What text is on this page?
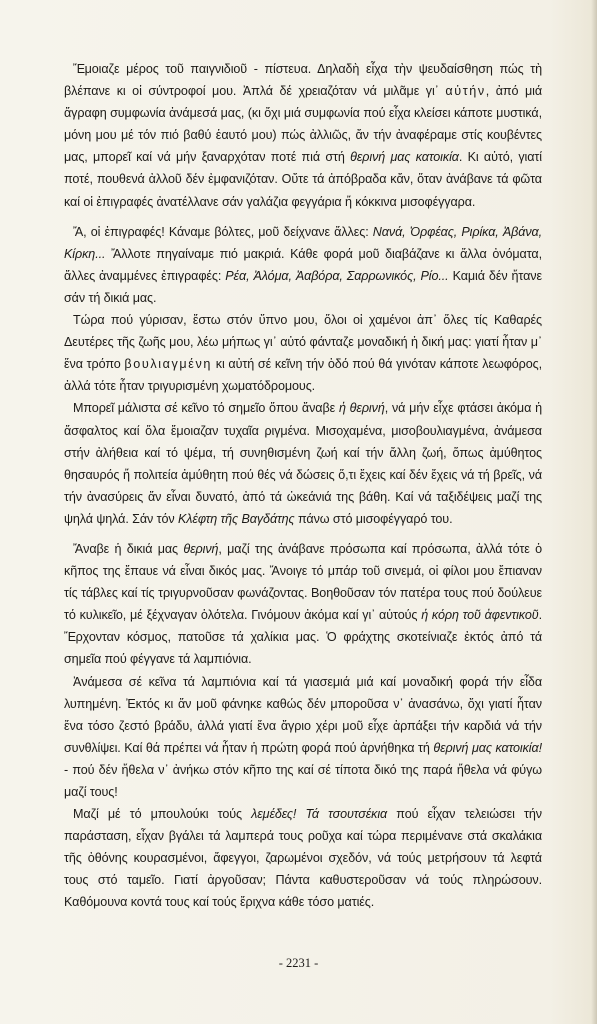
Ἔμοιαζε μέρος τοῦ παιγνιδιοῦ - πίστευα. Δηλαδὴ εἶχα τὴν ψευδαίσθηση πώς τὴ βλέπανε κι οἱ σύντροφοί μου. Ἀπλά δέ χρειαζόταν νά μιλᾶμε γι᾽ αὐτήν, ἀπό μιά ἄγραφη συμφωνία ἀνάμεσά μας, (κι ὄχι μιά συμφωνία πού εἶχα κλείσει κάποτε μυστικά, μόνη μου μέ τόν πιό βαθύ ἑαυτό μου) πώς ἀλλιῶς, ἄν τήν ἀναφέραμε στίς κουβέντες μας, μπορεῖ καί νά μήν ξαναρχόταν ποτέ πιά στή θερινή μας κατοικία. Κι αὐτό, γιατί ποτέ, πουθενά ἀλλοῦ δέν ἐμφανιζόταν. Οὔτε τά ἀπόβραδα κἄν, ὅταν ἀνάβανε τά φῶτα καί οἱ ἐπιγραφές ἀνατέλλανε σάν γαλάζια φεγγάρια ἤ κόκκινα μισοφέγγαρα.

Ἄ, οἱ ἐπιγραφές! Κάναμε βόλτες, μοῦ δείχνανε ἄλλες: Νανά, Ὀρφέας, Ριρίκα, Ἀβάνα, Κίρκη... Ἄλλοτε πηγαίναμε πιό μακριά. Κάθε φορά μοῦ διαβάζανε κι ἄλλα ὀνόματα, ἄλλες ἀναμμένες ἐπιγραφές: Ρέα, Ἀλόμα, Ἀαβόρα, Σαρρωνικός, Ρίο... Καμιά δέν ἤτανε σάν τή δικιά μας.

Τώρα πού γύρισαν, ἔστω στόν ὕπνο μου, ὅλοι οἱ χαμένοι ἀπ᾽ ὅλες τίς Καθαρές Δευτέρες τῆς ζωῆς μου, λέω μήπως γι᾽ αὐτό φάνταζε μοναδική ἡ δική μας: γιατί ἦταν μ᾽ ἕνα τρόπο βουλιαγμένη κι αὐτή σέ κεῖνη τήν ὁδό πού θά γινόταν κάποτε λεωφόρος, ἀλλά τότε ἦταν τριγυρισμένη χωματόδρομους.

Μπορεῖ μάλιστα σέ κεῖνο τό σημεῖο ὅπου ἄναβε ἡ θερινή, νά μήν εἶχε φτάσει ἀκόμα ἡ ἄσφαλτος καί ὅλα ἔμοιαζαν τυχαῖα ριγμένα. Μισοχαμένα, μισοβουλιαγμένα, ἀνάμεσα στήν ἀλήθεια καί τό ψέμα, τή συνηθισμένη ζωή καί τήν ἄλλη ζωή, ὅπως ἀμύθητος θησαυρός ἤ πολιτεία ἀμύθητη πού θές νά δώσεις ὅ,τι ἔχεις καί δέν ἔχεις νά τή βρεῖς, νά τήν ἀνασύρεις ἄν εἶναι δυνατό, ἀπό τά ὠκεάνιά της βάθη. Καί νά ταξιδέψεις μαζί της ψηλά ψηλά. Σάν τόν Κλέφτη τῆς Βαγδάτης πάνω στό μισοφέγγαρό του.

Ἄναβε ἡ δικιά μας θερινή, μαζί της ἀνάβανε πρόσωπα καί πρόσωπα, ἀλλά τότε ὁ κῆπος της ἔπαυε νά εἶναι δικός μας. Ἄνοιγε τό μπάρ τοῦ σινεμά, οἱ φίλοι μου ἔπιαναν τίς τάβλες καί τίς τριγυρνοῦσαν φωνάζοντας. Βοηθοῦσαν τόν πατέρα τους πού δούλευε τό κυλικεῖο, μέ ξέχναγαν ὁλότελα. Γινόμουν ἀκόμα καί γι᾽ αὐτούς ἡ κόρη τοῦ ἀφεντικοῦ. Ἔρχονταν κόσμος, πατοῦσε τά χαλίκια μας. Ὁ φράχτης σκοτείνιαζε ἐκτός ἀπό τά σημεῖα πού φέγγανε τά λαμπιόνια.

Ἀνάμεσα σέ κεῖνα τά λαμπιόνια καί τά γιασεμιά μιά καί μοναδική φορά τήν εἶδα λυπημένη. Ἐκτός κι ἄν μοῦ φάνηκε καθώς δέν μποροῦσα ν᾽ ἀνασάνω, ὄχι γιατί ἦταν ἔνα τόσο ζεστό βράδυ, ἀλλά γιατί ἔνα ἄγριο χέρι μοῦ εἶχε ἁρπάξει τήν καρδιά νά τήν συνθλίψει. Καί θά πρέπει νά ἦταν ἡ πρώτη φορά πού ἀρνήθηκα τή θερινή μας κατοικία! - πού δέν ἤθελα ν᾽ ἀνήκω στόν κῆπο της καί σέ τίποτα δικό της παρά ἤθελα νά φύγω μαζί τους!

Μαζί μέ τό μπουλούκι τούς λεμέδες! Τά τσουτσέκια πού εἶχαν τελειώσει τήν παράσταση, εἶχαν βγάλει τά λαμπερά τους ροῦχα καί τώρα περιμένανε στά σκαλάκια τῆς ὀθόνης κουρασμένοι, ἄφεγγοι, ζαρωμένοι σχεδόν, νά τούς μετρήσουν τά λεφτά τους στό ταμεῖο. Γιατί ἀργοῦσαν; Πάντα καθυστεροῦσαν νά τούς πληρώσουν. Καθόμουνα κοντά τους καί τούς ἔριχνα κάθε τόσο ματιές.

- 2231 -
